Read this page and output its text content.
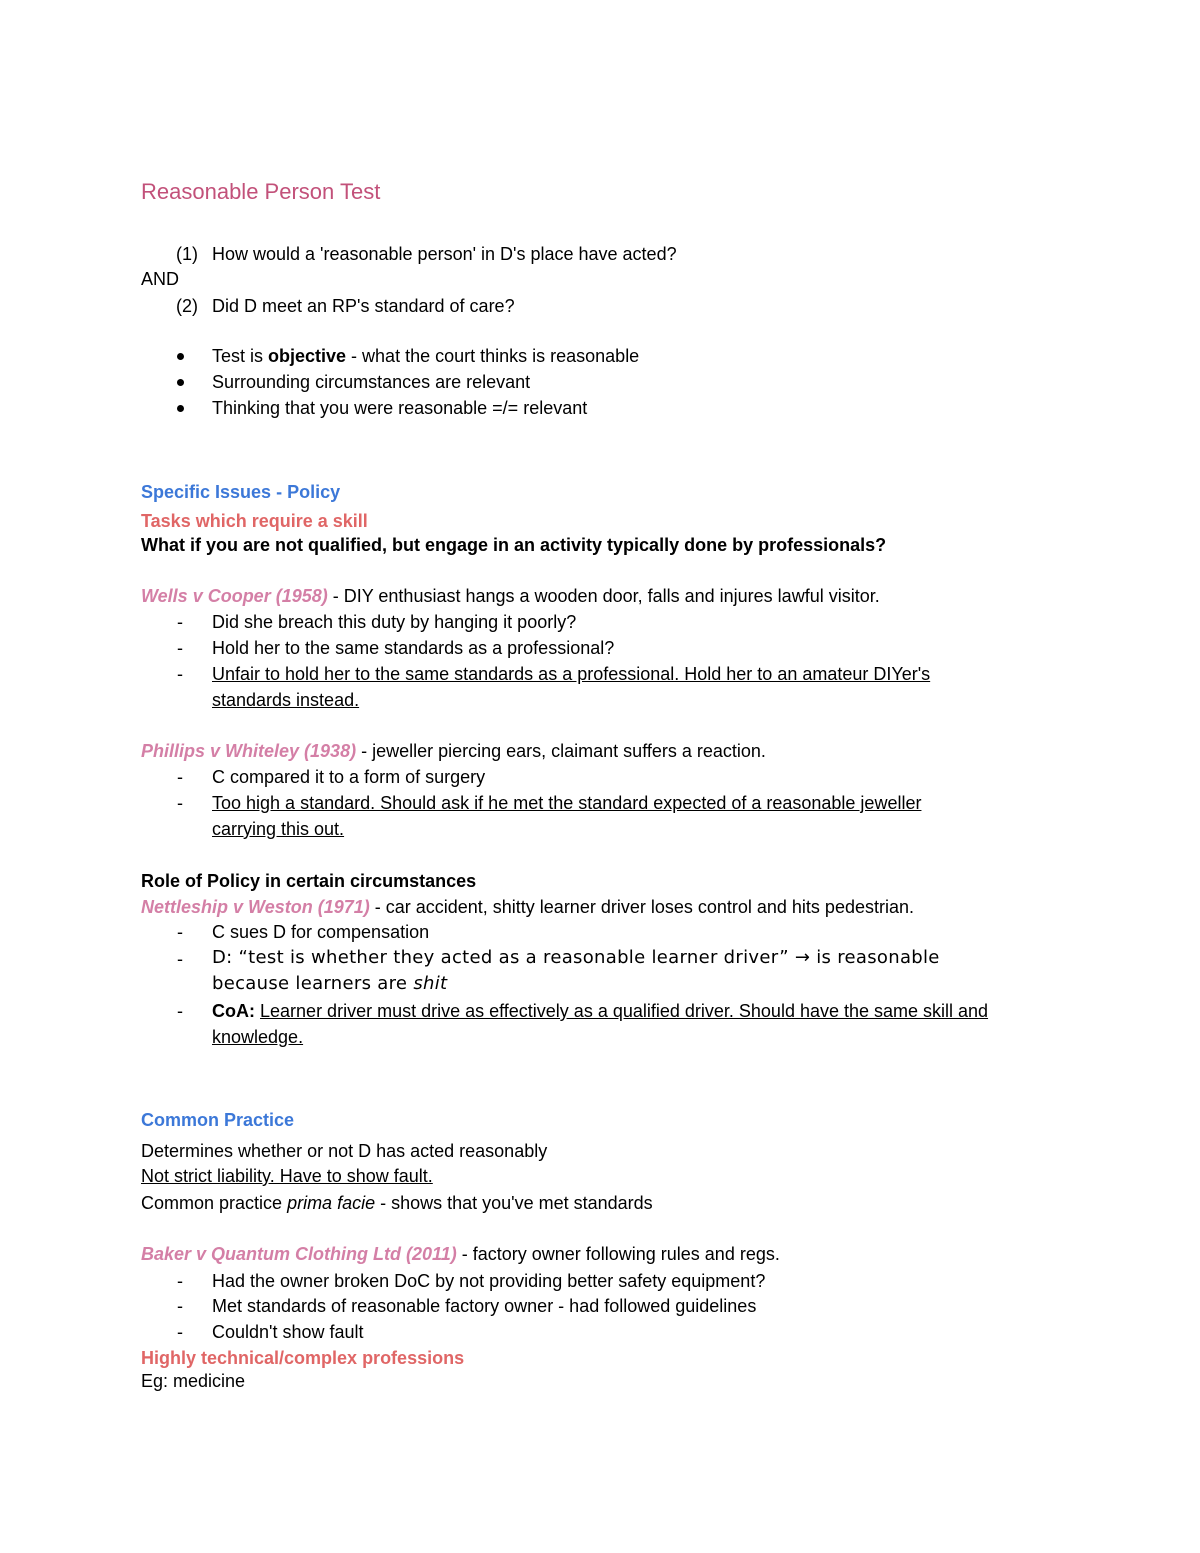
Reasonable Person Test
(1) How would a 'reasonable person' in D's place have acted?
AND
(2) Did D meet an RP's standard of care?
Test is objective - what the court thinks is reasonable
Surrounding circumstances are relevant
Thinking that you were reasonable =/= relevant
Specific Issues - Policy
Tasks which require a skill
What if you are not qualified, but engage in an activity typically done by professionals?
Wells v Cooper (1958) - DIY enthusiast hangs a wooden door, falls and injures lawful visitor.
- Did she breach this duty by hanging it poorly?
- Hold her to the same standards as a professional?
- Unfair to hold her to the same standards as a professional. Hold her to an amateur DIYer's
standards instead.
Phillips v Whiteley (1938) - jeweller piercing ears, claimant suffers a reaction.
- C compared it to a form of surgery
- Too high a standard. Should ask if he met the standard expected of a reasonable jeweller
carrying this out.
Role of Policy in certain circumstances
Nettleship v Weston (1971) - car accident, shitty learner driver loses control and hits pedestrian.
- C sues D for compensation
- D: “test is whether they acted as a reasonable learner driver” → is reasonable
because learners are shit
- CoA: Learner driver must drive as effectively as a qualified driver. Should have the same skill and
knowledge.
Common Practice
Determines whether or not D has acted reasonably
Not strict liability. Have to show fault.
Common practice prima facie - shows that you've met standards
Baker v Quantum Clothing Ltd (2011) - factory owner following rules and regs.
- Had the owner broken DoC by not providing better safety equipment?
- Met standards of reasonable factory owner - had followed guidelines
- Couldn't show fault
Highly technical/complex professions
Eg: medicine
